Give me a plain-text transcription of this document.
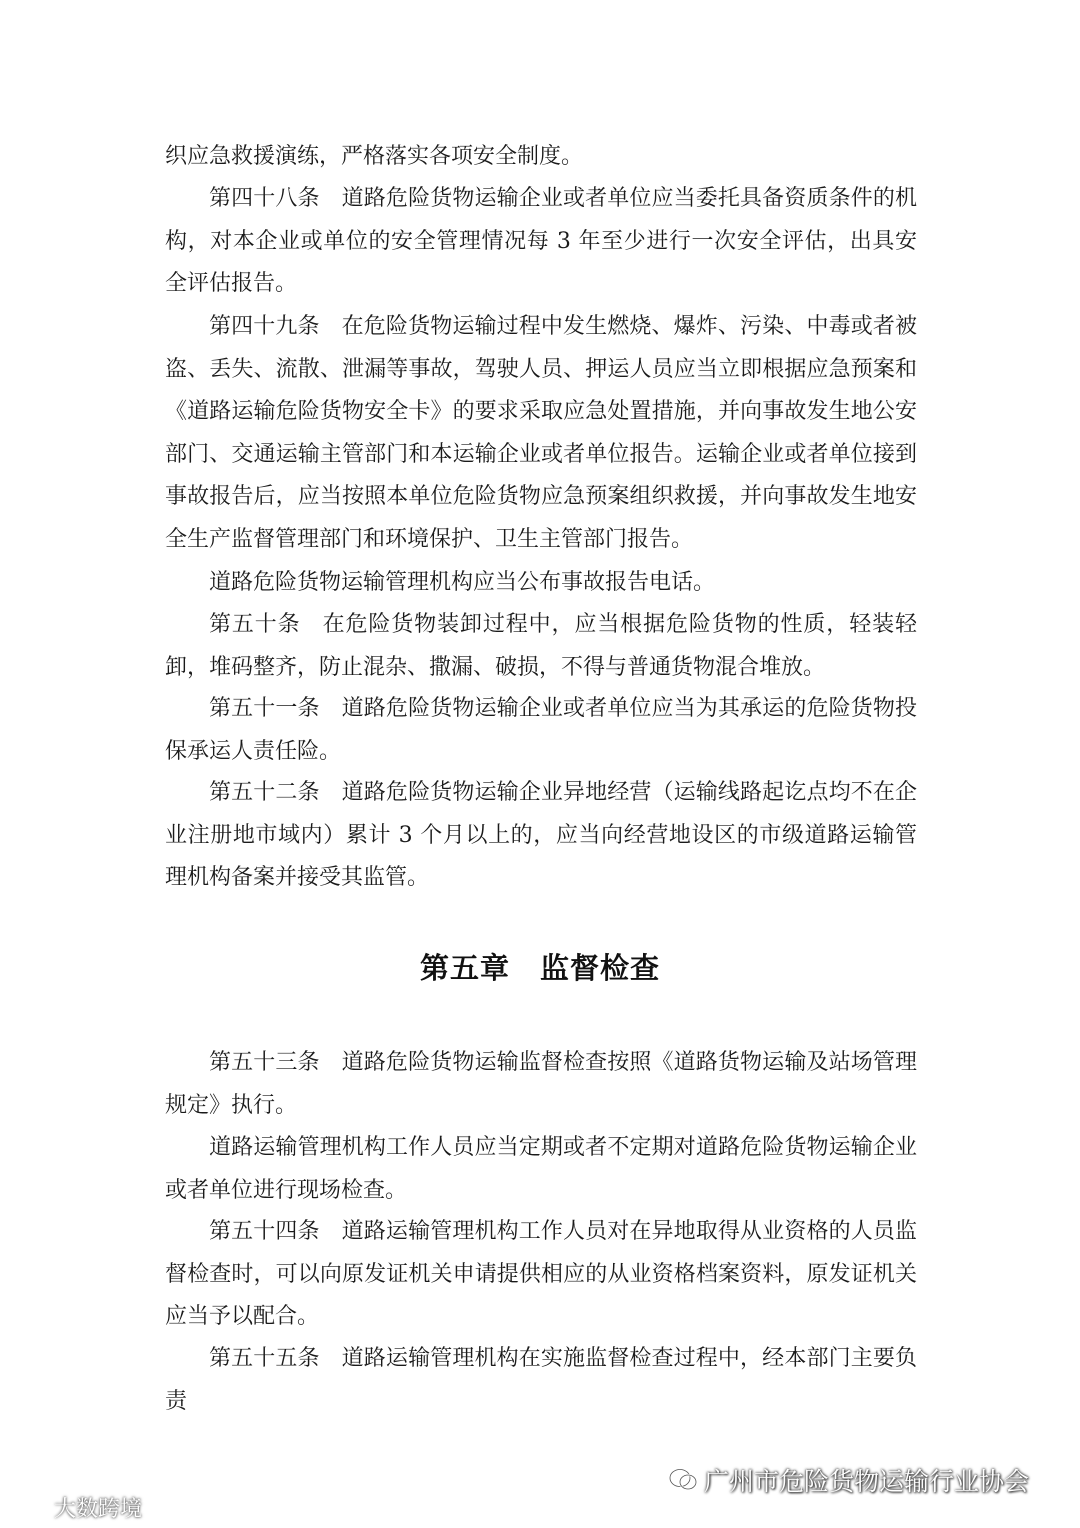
织应急救援演练，严格落实各项安全制度。

第四十八条 道路危险货物运输企业或者单位应当委托具备资质条件的机构，对本企业或单位的安全管理情况每 3 年至少进行一次安全评估，出具安全评估报告。

第四十九条 在危险货物运输过程中发生燃烧、爆炸、污染、中毒或者被盗、丢失、流散、泄漏等事故，驾驶人员、押运人员应当立即根据应急预案和《道路运输危险货物安全卡》的要求采取应急处置措施，并向事故发生地公安部门、交通运输主管部门和本运输企业或者单位报告。运输企业或者单位接到事故报告后，应当按照本单位危险货物应急预案组织救援，并向事故发生地安全生产监督管理部门和环境保护、卫生主管部门报告。

道路危险货物运输管理机构应当公布事故报告电话。

第五十条 在危险货物装卸过程中，应当根据危险货物的性质，轻装轻卸，堆码整齐，防止混杂、撒漏、破损，不得与普通货物混合堆放。

第五十一条 道路危险货物运输企业或者单位应当为其承运的危险货物投保承运人责任险。

第五十二条 道路危险货物运输企业异地经营（运输线路起讫点均不在企业注册地市域内）累计 3 个月以上的，应当向经营地设区的市级道路运输管理机构备案并接受其监管。

第五章　监督检查

第五十三条 道路危险货物运输监督检查按照《道路货物运输及站场管理规定》执行。

道路运输管理机构工作人员应当定期或者不定期对道路危险货物运输企业或者单位进行现场检查。

第五十四条 道路运输管理机构工作人员对在异地取得从业资格的人员监督检查时，可以向原发证机关申请提供相应的从业资格档案资料，原发证机关应当予以配合。

第五十五条 道路运输管理机构在实施监督检查过程中，经本部门主要负责

广州市危险货物运输行业协会
大数跨境
